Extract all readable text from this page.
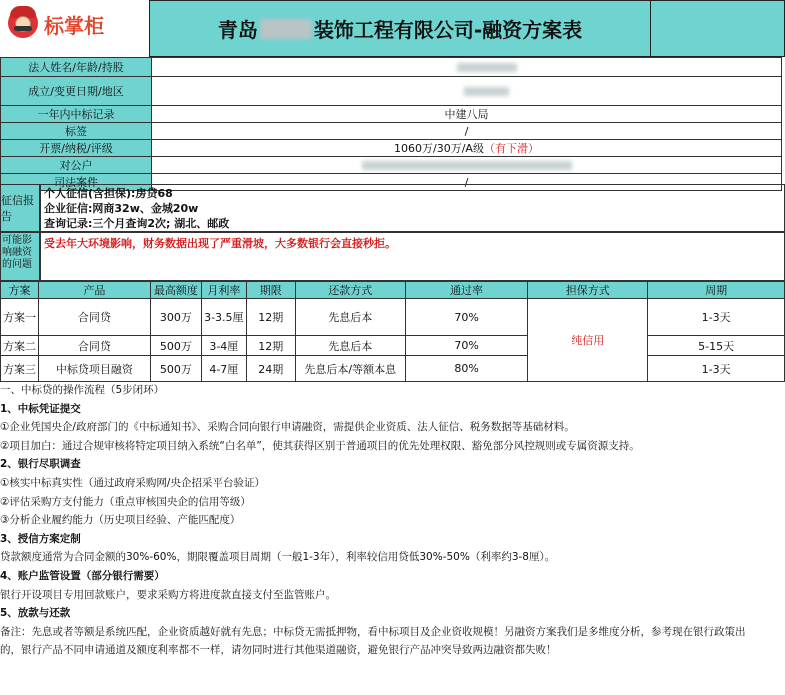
标掌柜	青岛	装饰工程有限公司-融资方案表
法人姓名/年龄/持股	
成立/变更日期/地区	
一年内中标记录	中建八局
标签	/
开票/纳税/评级	1060万/30万/A级（有下滑）
对公户	
司法案件	/
征信报告
个人征信(含担保):房贷68
企业征信:网商32w、金城20w
查询记录:三个月查询2次; 湖北、邮政
可能影响融资的问题
受去年大环境影响，财务数据出现了严重滑坡，大多数银行会直接秒拒。
方案	产品	最高额度	月利率	期限	还款方式	通过率	担保方式	周期
方案一	合同贷	300万	3-3.5厘	12期	先息后本	70%	纯信用	1-3天
方案二	合同贷	500万	3-4厘	12期	先息后本	70%		5-15天
方案三	中标贷项目融资	500万	4-7厘	24期	先息后本/等额本息	80%		1-3天
一、中标贷的操作流程（5步闭环）
1、中标凭证提交
①企业凭国央企/政府部门的《中标通知书》、采购合同向银行申请融资，需提供企业资质、法人征信、税务数据等基础材料。
②项目加白：通过合规审核将特定项目纳入系统“白名单”，使其获得区别于普通项目的优先处理权限、豁免部分风控规则或专属资源支持。
2、银行尽职调查
①核实中标真实性（通过政府采购网/央企招采平台验证）
②评估采购方支付能力（重点审核国央企的信用等级）
③分析企业履约能力（历史项目经验、产能匹配度）
3、授信方案定制
贷款额度通常为合同金额的30%-60%，期限覆盖项目周期（一般1-3年），利率较信用贷低30%-50%（利率约3-8厘）。
4、账户监管设置（部分银行需要）
银行开设项目专用回款账户，要求采购方将进度款直接支付至监管账户。
5、放款与还款
备注：先息或者等额是系统匹配，企业资质越好就有先息；中标贷无需抵押物，看中标项目及企业资收规模！另融资方案我们是多维度分析，参考现在银行政策出
的，银行产品不同申请通道及额度利率都不一样，请勿同时进行其他渠道融资，避免银行产品冲突导致两边融资都失败！
